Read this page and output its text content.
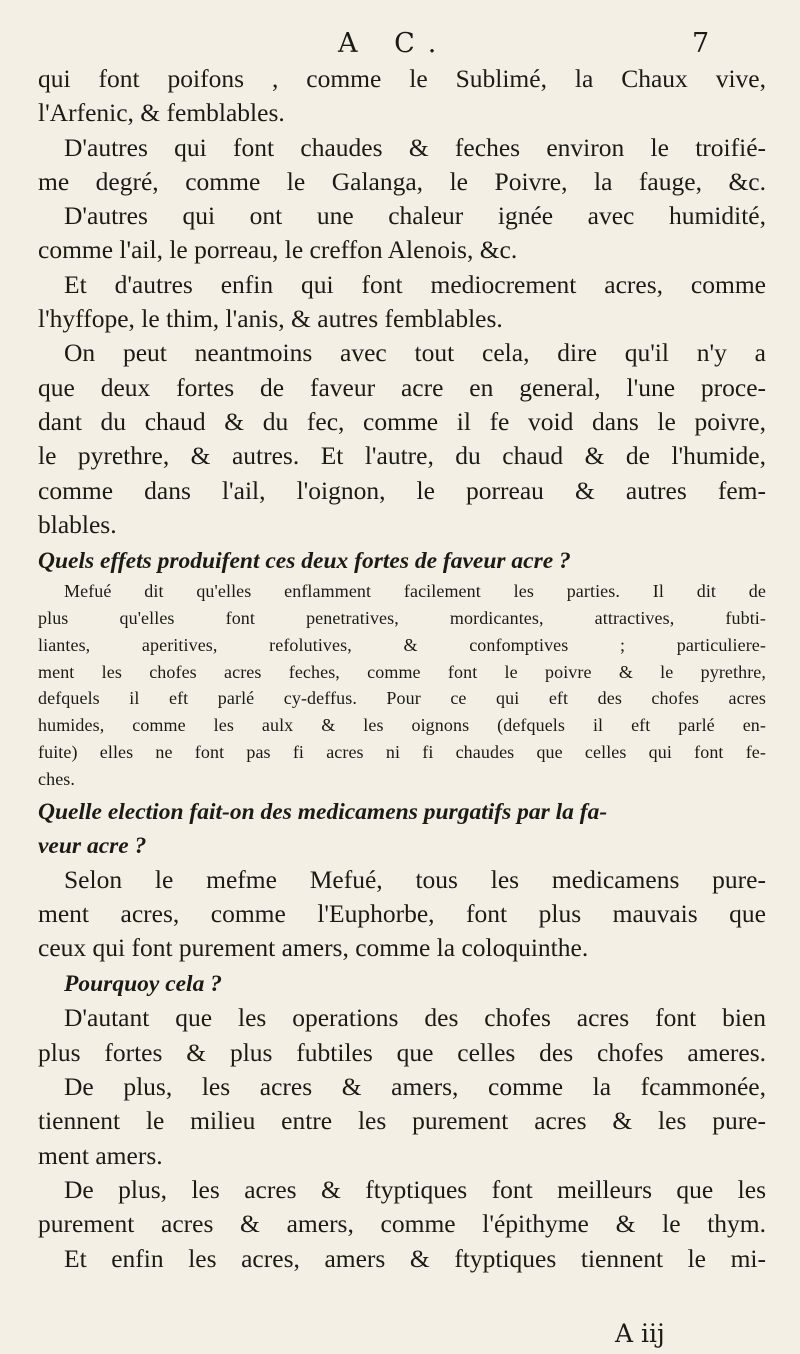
A C.	7
qui font poifons , comme le Sublimé, la Chaux vive,
l'Arfenic, & femblables.
D'autres qui font chaudes & feches environ le troifié-
me degré, comme le Galanga, le Poivre, la fauge, &c.
D'autres qui ont une chaleur ignée avec humidité,
comme l'ail, le porreau, le creffon Alenois, &c.
Et d'autres enfin qui font mediocrement acres, comme
l'hyffope, le thim, l'anis, & autres femblables.
On peut neantmoins avec tout cela, dire qu'il n'y a
que deux fortes de faveur acre en general, l'une proce-
dant du chaud & du fec, comme il fe void dans le poivre,
le pyrethre, & autres. Et l'autre, du chaud & de l'humide,
comme dans l'ail, l'oignon, le porreau & autres fem-
blables.
Quels effets produifent ces deux fortes de faveur acre ?
Mefué dit qu'elles enflamment facilement les parties. Il dit de
plus qu'elles font penetratives, mordicantes, attractives, fubti-
liantes, aperitives, refolutives, & confomptives ; particuliere-
ment les chofes acres feches, comme font le poivre & le pyrethre,
defquels il eft parlé cy-deffus. Pour ce qui eft des chofes acres
humides, comme les aulx & les oignons (defquels il eft parlé en-
fuite) elles ne font pas fi acres ni fi chaudes que celles qui font fe-
ches.
Quelle election fait-on des medicamens purgatifs par la fa-
veur acre ?
Selon le mefme Mefué, tous les medicamens pure-
ment acres, comme l'Euphorbe, font plus mauvais que
ceux qui font purement amers, comme la coloquinthe.
Pourquoy cela ?
D'autant que les operations des chofes acres font bien
plus fortes & plus fubtiles que celles des chofes ameres.
De plus, les acres & amers, comme la fcammonée,
tiennent le milieu entre les purement acres & les pure-
ment amers.
De plus, les acres & ftyptiques font meilleurs que les
purement acres & amers, comme l'épithyme & le thym.
Et enfin les acres, amers & ftyptiques tiennent le mi-
A iij
